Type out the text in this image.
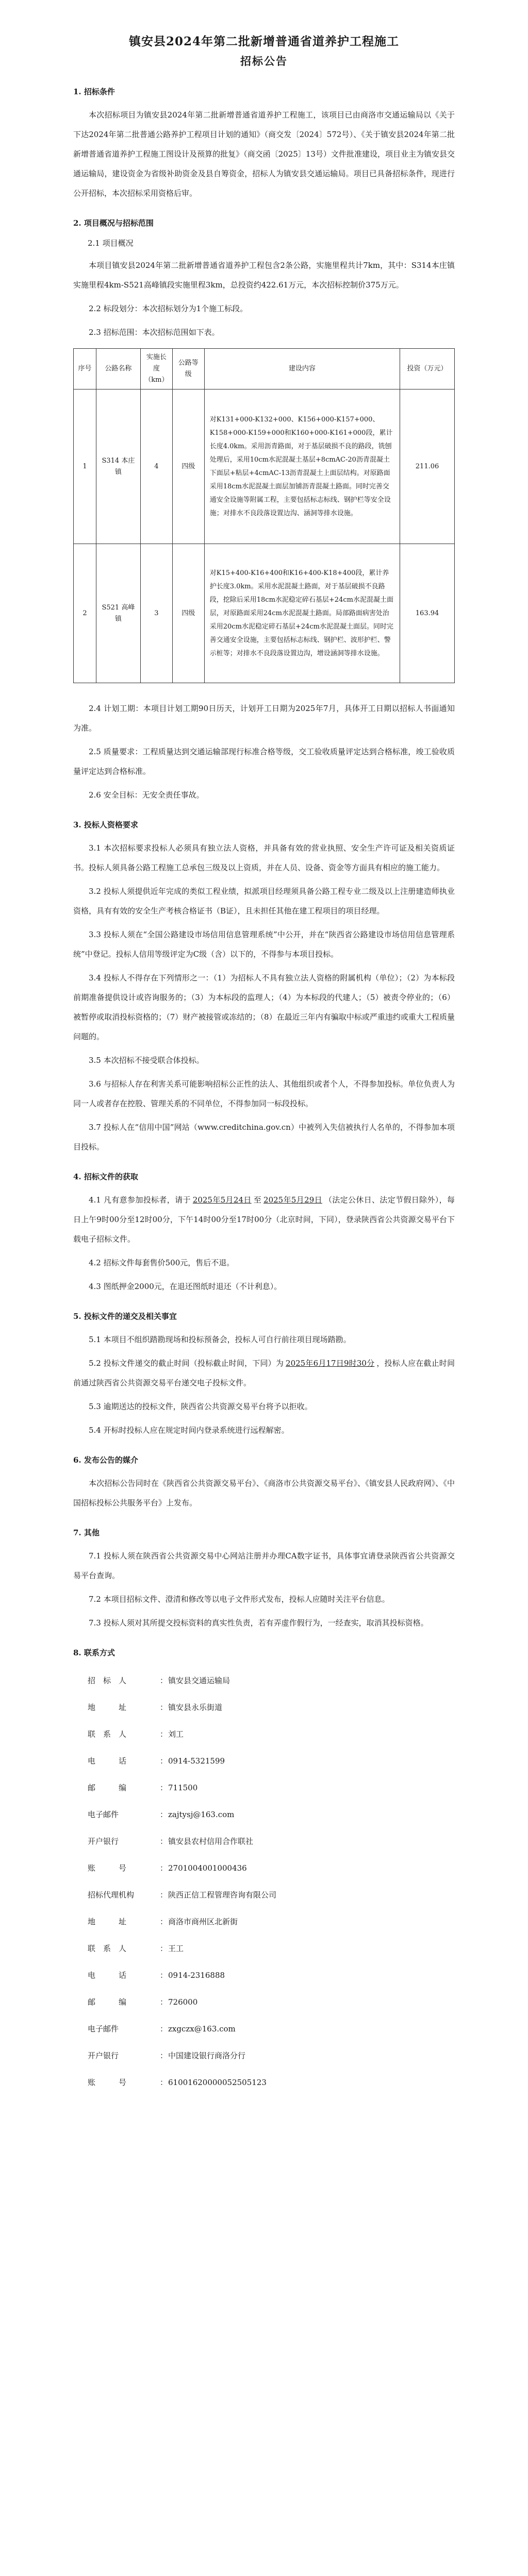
镇安县2024年第二批新增普通省道养护工程施工
招标公告
1. 招标条件

本次招标项目为镇安县2024年第二批新增普通省道养护工程施工，该项目已由商洛市交通运输局以《关于下达2024年第二批普通公路养护工程项目计划的通知》（商交发〔2024〕572号）、《关于镇安县2024年第二批新增普通省道养护工程施工图设计及预算的批复》（商交函〔2025〕13号）文件批准建设，项目业主为镇安县交通运输局，建设资金为省级补助资金及县自筹资金，招标人为镇安县交通运输局。项目已具备招标条件，现进行公开招标，本次招标采用资格后审。

2. 项目概况与招标范围
2.1 项目概况

本项目镇安县2024年第二批新增普通省道养护工程包含2条公路，实施里程共计7km，其中：S314本庄镇实施里程4km-S521高峰镇段实施里程3km，总投资约422.61万元，本次招标控制价375万元。

2.2 标段划分：本次招标划分为1个施工标段。

2.3 招标范围：本次招标范围如下表。

序号	公路名称	实施长度（km）	公路等级	建设内容	投资（万元）
1	S314 本庄镇	4	四级	对K131+000-K132+000、K156+000-K157+000、K158+000-K159+000和K160+000-K161+000段，累计长度4.0km。采用沥青路面，对于基层破损不良的路段，铣刨处理后，采用10cm水泥混凝土基层+8cmAC-20沥青混凝土下面层+粘层+4cmAC-13沥青混凝土上面层结构。对原路面采用18cm水泥混凝土面层加铺沥青混凝土路面。同时完善交通安全设施等附属工程，主要包括标志标线、钢护栏等安全设施；对排水不良段落设置边沟、涵洞等排水设施。	211.06
2	S521 高峰镇	3	四级	对K15+400-K16+400和K16+400-K18+400段，累计养护长度3.0km。采用水泥混凝土路面，对于基层破损不良路段，挖除后采用18cm水泥稳定碎石基层+24cm水泥混凝土面层，对原路面采用24cm水泥混凝土路面。局部路面病害处治采用20cm水泥稳定碎石基层+24cm水泥混凝土面层。同时完善交通安全设施，主要包括标志标线、钢护栏、波形护栏、警示桩等；对排水不良段落设置边沟，增设涵洞等排水设施。	163.94

2.4 计划工期：本项目计划工期90日历天，计划开工日期为2025年7月，具体开工日期以招标人书面通知为准。

2.5 质量要求：工程质量达到交通运输部现行标准合格等级，交工验收质量评定达到合格标准，竣工验收质量评定达到合格标准。

2.6 安全目标：无安全责任事故。

3. 投标人资格要求

3.1 本次招标要求投标人必须具有独立法人资格，并具备有效的营业执照、安全生产许可证及相关资质证书。投标人须具备公路工程施工总承包三级及以上资质，并在人员、设备、资金等方面具有相应的施工能力。

3.2 投标人须提供近年完成的类似工程业绩，拟派项目经理须具备公路工程专业二级及以上注册建造师执业资格，具有有效的安全生产考核合格证书（B证），且未担任其他在建工程项目的项目经理。

3.3 投标人须在“全国公路建设市场信用信息管理系统”中公开，并在“陕西省公路建设市场信用信息管理系统”中登记。投标人信用等级评定为C级（含）以下的，不得参与本项目投标。

3.4 投标人不得存在下列情形之一：（1）为招标人不具有独立法人资格的附属机构（单位）；（2）为本标段前期准备提供设计或咨询服务的；（3）为本标段的监理人；（4）为本标段的代建人；（5）被责令停业的；（6）被暂停或取消投标资格的；（7）财产被接管或冻结的；（8）在最近三年内有骗取中标或严重违约或重大工程质量问题的。

3.5 本次招标不接受联合体投标。

3.6 与招标人存在利害关系可能影响招标公正性的法人、其他组织或者个人，不得参加投标。单位负责人为同一人或者存在控股、管理关系的不同单位，不得参加同一标段投标。

3.7 投标人在“信用中国”网站（www.creditchina.gov.cn）中被列入失信被执行人名单的，不得参加本项目投标。

4. 招标文件的获取

4.1 凡有意参加投标者，请于 2025年5月24日 至 2025年5月29日 （法定公休日、法定节假日除外），每日上午9时00分至12时00分，下午14时00分至17时00分（北京时间，下同），登录陕西省公共资源交易平台下载电子招标文件。

4.2 招标文件每套售价500元，售后不退。

4.3 图纸押金2000元，在退还图纸时退还（不计利息）。

5. 投标文件的递交及相关事宜

5.1 本项目不组织踏勘现场和投标预备会，投标人可自行前往项目现场踏勘。

5.2 投标文件递交的截止时间（投标截止时间，下同）为 2025年6月17日9时30分 ，投标人应在截止时间前通过陕西省公共资源交易平台递交电子投标文件。

5.3 逾期送达的投标文件，陕西省公共资源交易平台将予以拒收。

5.4 开标时投标人应在规定时间内登录系统进行远程解密。

6. 发布公告的媒介

本次招标公告同时在《陕西省公共资源交易平台》、《商洛市公共资源交易平台》、《镇安县人民政府网》、《中国招标投标公共服务平台》上发布。

7. 其他

7.1 投标人须在陕西省公共资源交易中心网站注册并办理CA数字证书，具体事宜请登录陕西省公共资源交易平台查询。

7.2 本项目招标文件、澄清和修改等以电子文件形式发布，投标人应随时关注平台信息。

7.3 投标人须对其所提交投标资料的真实性负责，若有弄虚作假行为，一经查实，取消其投标资格。

8. 联系方式
招　标　人	： 镇安县交通运输局
地　　　址	： 镇安县永乐街道
联　系　人	： 刘工
电　　　话	： 0914-5321599
邮　　　编	： 711500
电子邮件	： zajtysj@163.com
开户银行	： 镇安县农村信用合作联社
账　　　号	： 2701004001000436
招标代理机构	： 陕西正信工程管理咨询有限公司
地　　　址	： 商洛市商州区北新街
联　系　人	： 王工
电　　　话	： 0914-2316888
邮　　　编	： 726000
电子邮件	： zxgczx@163.com
开户银行	： 中国建设银行商洛分行
账　　　号	： 61001620000052505123
